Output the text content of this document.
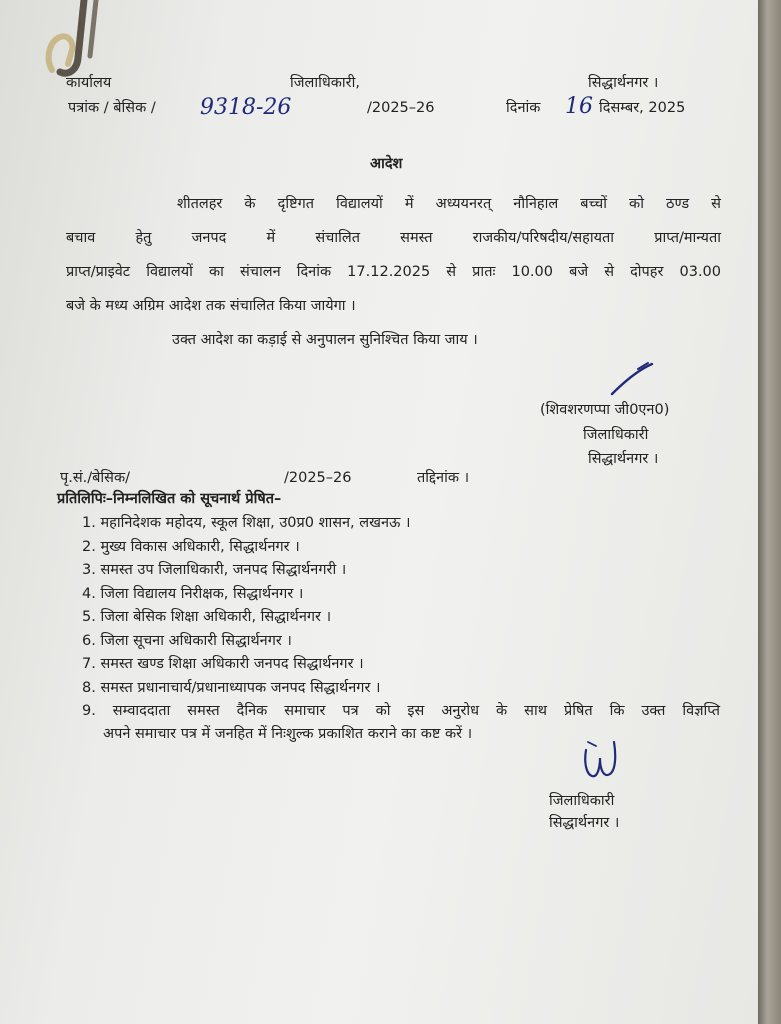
कार्यालय	जिलाधिकारी,	सिद्धार्थनगर ।
पत्रांक / बेसिक / 9318-26	/2025–26	दिनांक 16 दिसम्बर, 2025
आदेश
शीतलहर के दृष्टिगत विद्यालयों में अध्ययनरत् नौनिहाल बच्चों को ठण्ड से
बचाव हेतु जनपद में संचालित समस्त राजकीय/परिषदीय/सहायता प्राप्त/मान्यता
प्राप्त/प्राइवेट विद्यालयों का संचालन दिनांक 17.12.2025 से प्रातः 10.00 बजे से दोपहर 03.00
बजे के मध्य अग्रिम आदेश तक संचालित किया जायेगा ।
उक्त आदेश का कड़ाई से अनुपालन सुनिश्चित किया जाय ।
(शिवशरणप्पा जी0एन0)
जिलाधिकारी
सिद्धार्थनगर ।
पृ.सं./बेसिक/	/2025–26	तद्दिनांक ।
प्रतिलिपिः–निम्नलिखित को सूचनार्थ प्रेषित–
1. महानिदेशक महोदय, स्कूल शिक्षा, उ0प्र0 शासन, लखनऊ ।
2. मुख्य विकास अधिकारी, सिद्धार्थनगर ।
3. समस्त उप जिलाधिकारी, जनपद सिद्धार्थनगरी ।
4. जिला विद्यालय निरीक्षक, सिद्धार्थनगर ।
5. जिला बेसिक शिक्षा अधिकारी, सिद्धार्थनगर ।
6. जिला सूचना अधिकारी सिद्धार्थनगर ।
7. समस्त खण्ड शिक्षा अधिकारी जनपद सिद्धार्थनगर ।
8. समस्त प्रधानाचार्य/प्रधानाध्यापक जनपद सिद्धार्थनगर ।
9. सम्वाददाता समस्त दैनिक समाचार पत्र को इस अनुरोध के साथ प्रेषित कि उक्त विज्ञप्ति
अपने समाचार पत्र में जनहित में निःशुल्क प्रकाशित कराने का कष्ट करें ।
जिलाधिकारी
सिद्धार्थनगर ।
